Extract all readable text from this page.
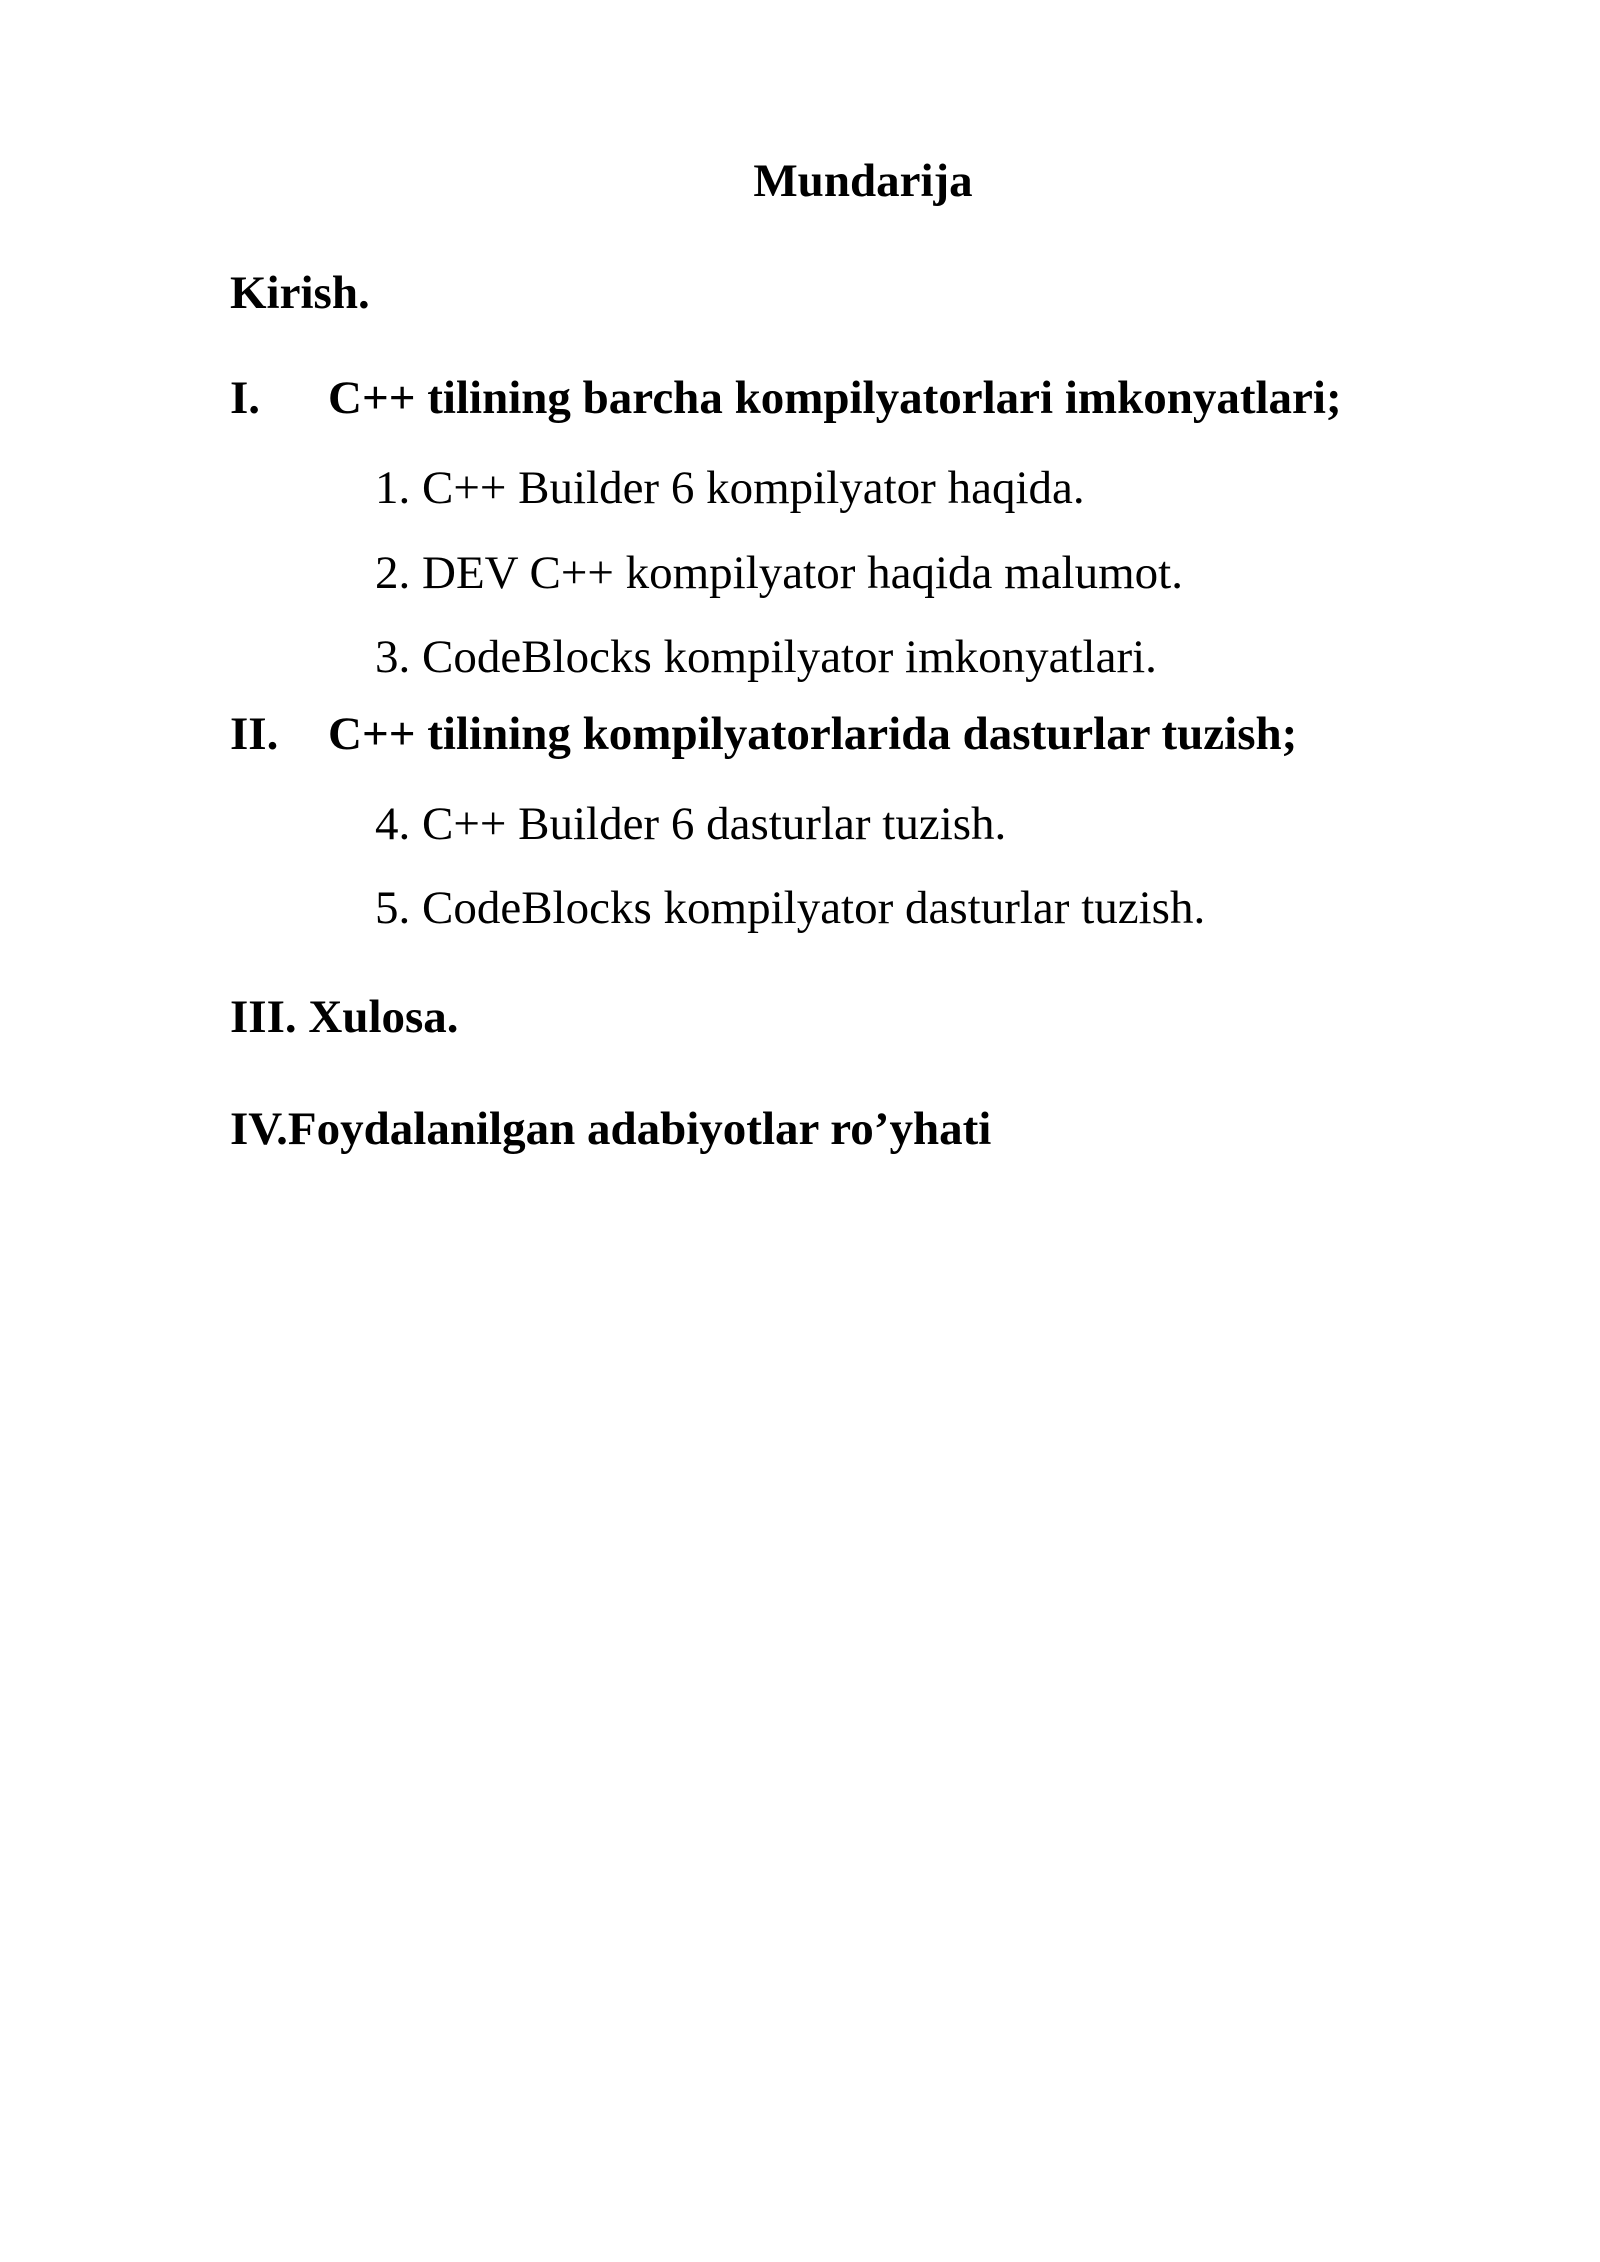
Mundarija
Kirish.
I. C++ tilining barcha kompilyatorlari imkonyatlari;
1. C++ Builder 6 kompilyator haqida.
2. DEV C++ kompilyator haqida malumot.
3. CodeBlocks kompilyator imkonyatlari.
II. C++ tilining kompilyatorlarida dasturlar tuzish;
4. C++ Builder 6 dasturlar tuzish.
5. CodeBlocks kompilyator dasturlar tuzish.
III. Xulosa.
IV.Foydalanilgan adabiyotlar ro’yhati
